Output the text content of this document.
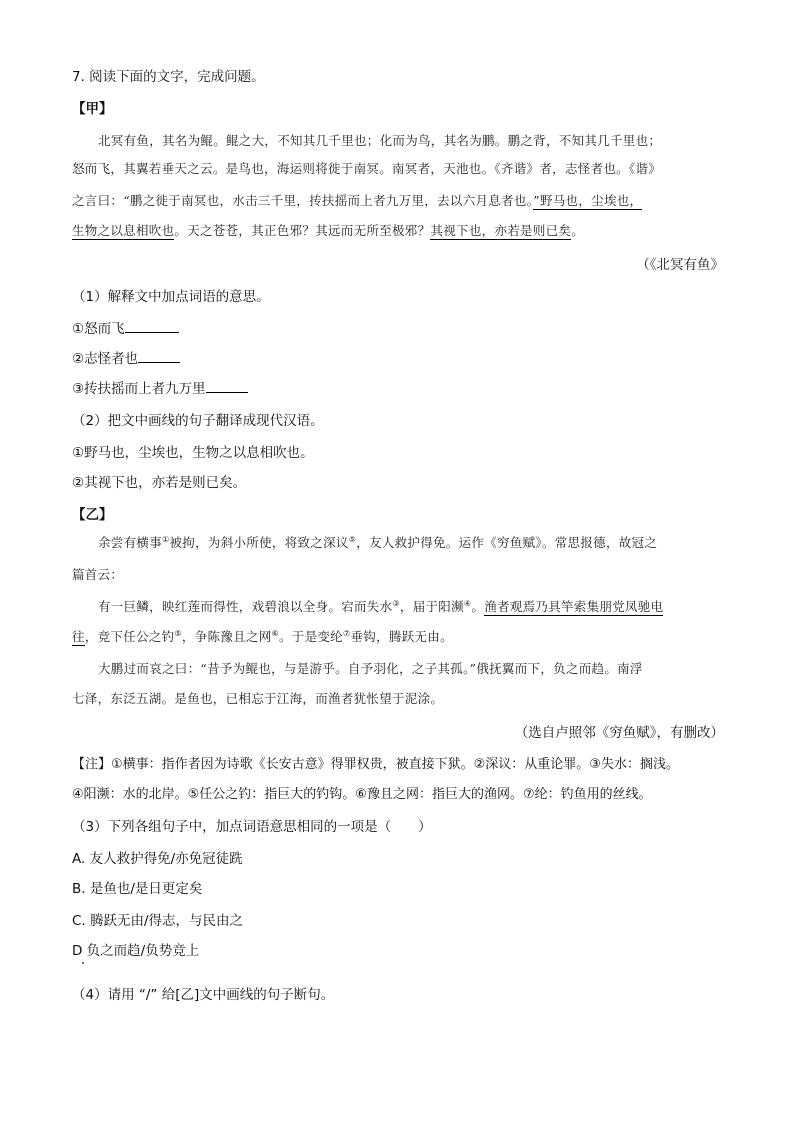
7. 阅读下面的文字，完成问题。

【甲】

北冥有鱼，其名为鲲。鲲之大，不知其几千里也；化而为鸟，其名为鹏。鹏之背，不知其几千里也；

怒而飞，其翼若垂天之云。是鸟也，海运则将徙于南冥。南冥者，天池也。《齐谐》者，志怪者也。《谐》

之言曰：“鹏之徙于南冥也，水击三千里，抟扶摇而上者九万里，去以六月息者也。”野马也，尘埃也，

生物之以息相吹也。天之苍苍，其正色邪？其远而无所至极邪？其视下也，亦若是则已矣。

（《北冥有鱼》

（1）解释文中加点词语的意思。

①怒而飞

②志怪者也

③抟扶摇而上者九万里

（2）把文中画线的句子翻译成现代汉语。

①野马也，尘埃也，生物之以息相吹也。

②其视下也，亦若是则已矣。

【乙】

余尝有横事①被拘，为斜小所使，将致之深议⑤，友人救护得免。运作《穷鱼赋》。常思报德，故冠之

篇首云：

有一巨鳞，映红莲而得性，戏碧浪以全身。宕而失水③，届于阳濒④。渔者观焉乃具竿索集朋党凤驰电

往，竞下任公之钓⑤，争陈豫且之网⑥。于是变纶⑦垂钩，腾跃无由。

大鹏过而哀之曰：“昔予为鲲也，与是游乎。自予羽化，之子其孤。”俄抚翼而下，负之而趋。南浮

七泽，东泛五湖。是鱼也，已相忘于江海，而渔者犹怅望于泥涂。

（选自卢照邻《穷鱼赋》，有删改）

【注】①横事：指作者因为诗歌《长安古意》得罪权贵，被直接下狱。②深议：从重论罪。③失水：搁浅。

④阳濒：水的北岸。⑤任公之钓：指巨大的钓钩。⑥豫且之网：指巨大的渔网。⑦纶：钓鱼用的丝线。

（3）下列各组句子中，加点词语意思相同的一项是（　　）

A. 友人救护得免/亦免冠徒跣

B. 是鱼也/是日更定矣

C. 腾跃无由/得志，与民由之

D 负之而趋/负势竞上

（4）请用 “/” 给[乙]文中画线的句子断句。
